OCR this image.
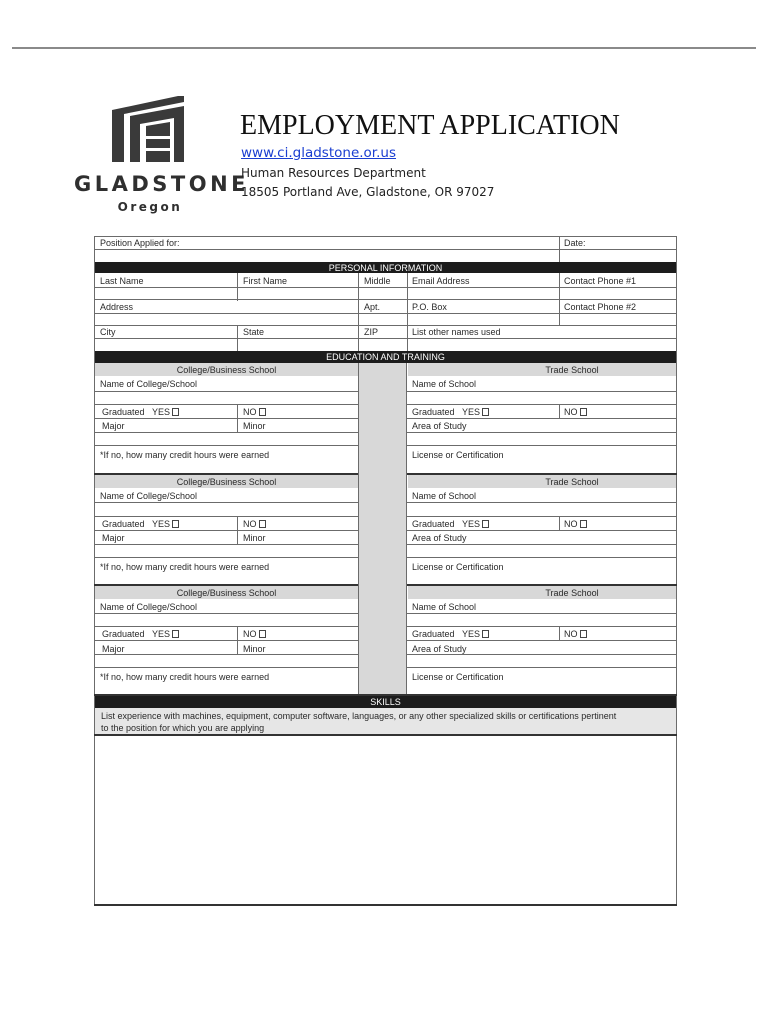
GLADSTONE
Oregon
EMPLOYMENT APPLICATION
www.ci.gladstone.or.us
Human Resources Department
18505 Portland Ave, Gladstone, OR 97027
Position Applied for:	Date:
PERSONAL INFORMATION
Last Name	First Name	Middle Email Address	Contact Phone #1
Address	Apt.	P.O. Box	Contact Phone #2
City	State	ZIP	List other names used
EDUCATION AND TRAINING
College/Business School	Trade School
Name of College/School	Name of School
Graduated YES	NO	Graduated YES	NO
Major	Minor	Area of Study
*If no, how many credit hours were earned	License or Certification
College/Business School	Trade School
Name of College/School	Name of School
Graduated YES	NO	Graduated YES	NO
Major	Minor	Area of Study
*If no, how many credit hours were earned	License or Certification
College/Business School	Trade School
Name of College/School	Name of School
Graduated YES	NO	Graduated YES	NO
Major	Minor	Area of Study
*If no, how many credit hours were earned	License or Certification
SKILLS
List experience with machines, equipment, computer software, languages, or any other specialized skills or certifications pertinent
to the position for which you are applying
